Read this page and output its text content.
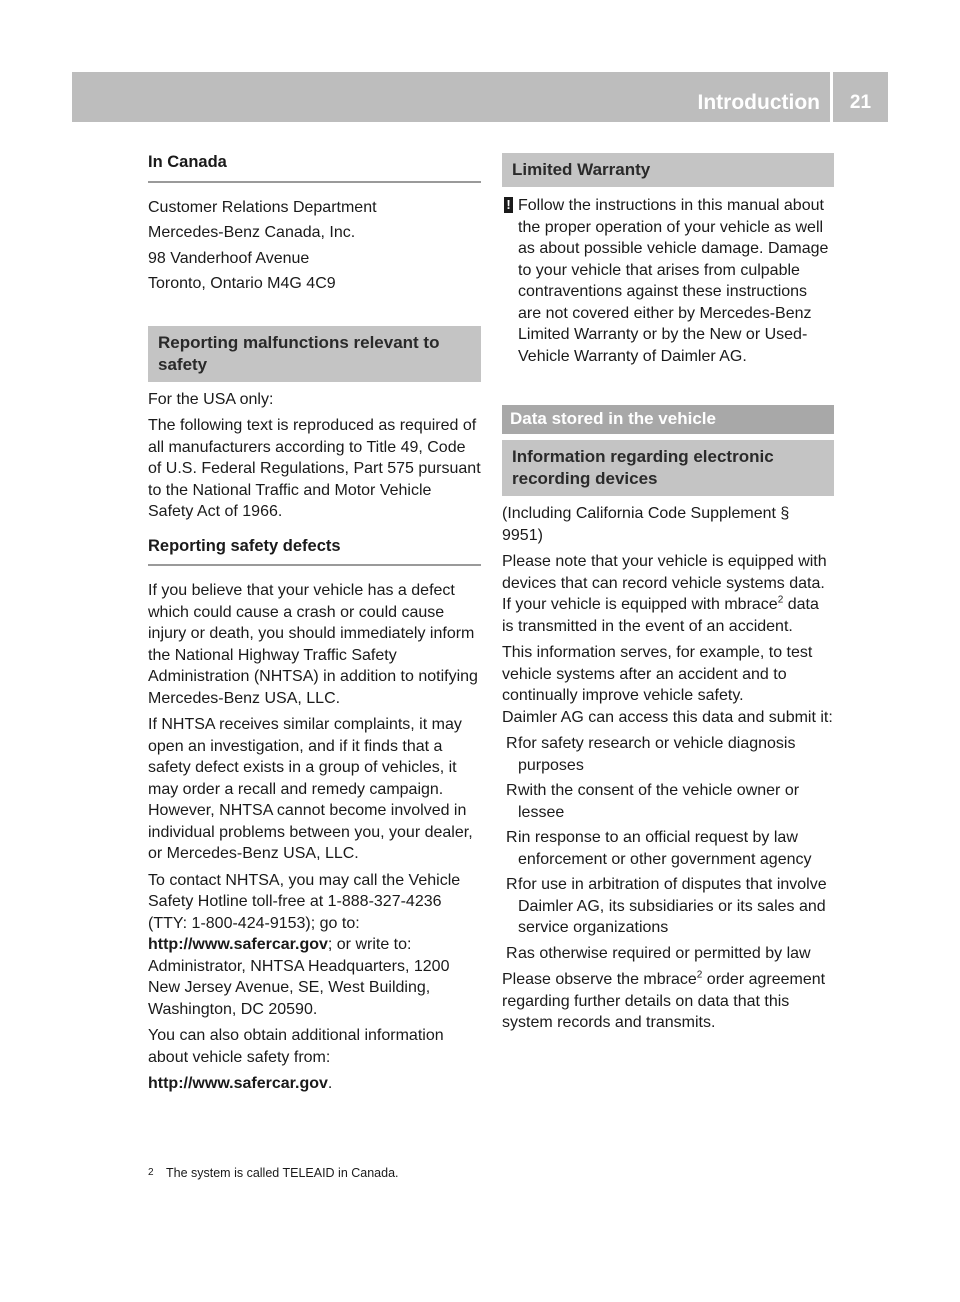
Introduction	21
In Canada

Customer Relations Department

Mercedes-Benz Canada, Inc.

98 Vanderhoof Avenue

Toronto, Ontario M4G 4C9

Reporting malfunctions relevant to safety

For the USA only:

The following text is reproduced as required of all manufacturers according to Title 49, Code of U.S. Federal Regulations, Part 575 pursuant to the National Traffic and Motor Vehicle Safety Act of 1966.

Reporting safety defects

If you believe that your vehicle has a defect which could cause a crash or could cause injury or death, you should immediately inform the National Highway Traffic Safety Administration (NHTSA) in addition to notifying Mercedes-Benz USA, LLC.

If NHTSA receives similar complaints, it may open an investigation, and if it finds that a safety defect exists in a group of vehicles, it may order a recall and remedy campaign. However, NHTSA cannot become involved in individual problems between you, your dealer, or Mercedes-Benz USA, LLC.

To contact NHTSA, you may call the Vehicle Safety Hotline toll-free at 1-888-327-4236 (TTY: 1-800-424-9153); go to: http://www.safercar.gov; or write to: Administrator, NHTSA Headquarters, 1200 New Jersey Avenue, SE, West Building, Washington, DC 20590.

You can also obtain additional information about vehicle safety from:

http://www.safercar.gov.

Limited Warranty
! Follow the instructions in this manual about the proper operation of your vehicle as well as about possible vehicle damage. Damage to your vehicle that arises from culpable contraventions against these instructions are not covered either by Mercedes-Benz Limited Warranty or by the New or Used-Vehicle Warranty of Daimler AG.

Data stored in the vehicle
Information regarding electronic recording devices

(Including California Code Supplement § 9951)

Please note that your vehicle is equipped with devices that can record vehicle systems data. If your vehicle is equipped with mbrace$^2$ data is transmitted in the event of an accident.

This information serves, for example, to test vehicle systems after an accident and to continually improve vehicle safety.

Daimler AG can access this data and submit it:

R for safety research or vehicle diagnosis purposes
R with the consent of the vehicle owner or lessee
R in response to an official request by law enforcement or other government agency
R for use in arbitration of disputes that involve Daimler AG, its subsidiaries or its sales and service organizations
R as otherwise required or permitted by law

Please observe the mbrace$^2$ order agreement regarding further details on data that this system records and transmits.

2 The system is called TELEAID in Canada.
